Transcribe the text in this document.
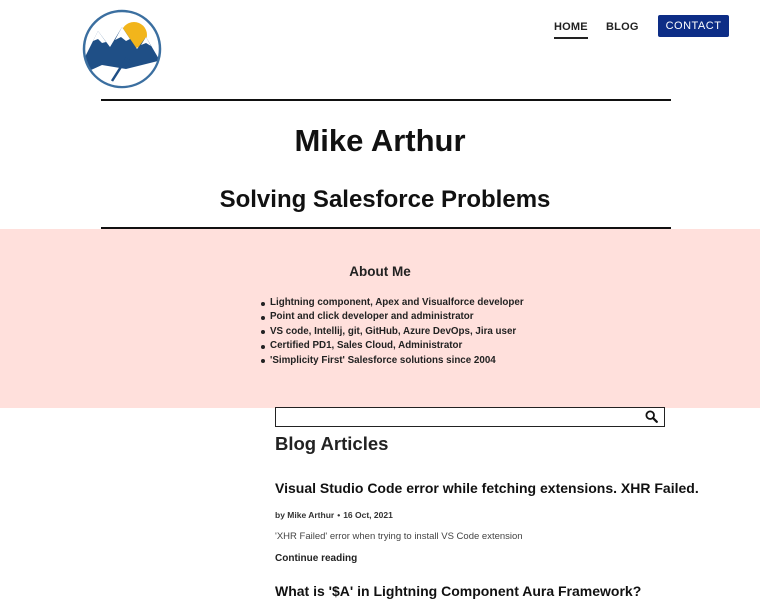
HOME BLOG	CONTACT
Mike Arthur
Solving Salesforce Problems
About Me
Lightning component, Apex and Visualforce developer
Point and click developer and administrator
VS code, Intellij, git, GitHub, Azure DevOps, Jira user
Certified PD1, Sales Cloud, Administrator
'Simplicity First' Salesforce solutions since 2004
Blog Articles
Visual Studio Code error while fetching extensions. XHR Failed.
by Mike Arthur • 16 Oct, 2021

'XHR Failed' error when trying to install VS Code extension

Continue reading
What is '$A' in Lightning Component Aura Framework?
